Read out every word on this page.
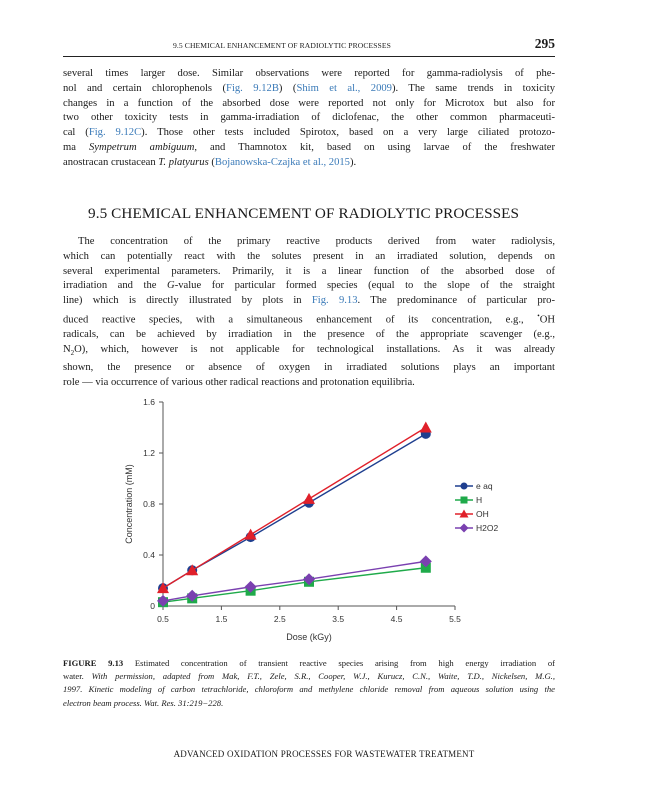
9.5 CHEMICAL ENHANCEMENT OF RADIOLYTIC PROCESSES	295

several times larger dose. Similar observations were reported for gamma-radiolysis of phe-
nol and certain chlorophenols (Fig. 9.12B) (Shim et al., 2009). The same trends in toxicity
changes in a function of the absorbed dose were reported not only for Microtox but also for
two other toxicity tests in gamma-irradiation of diclofenac, the other common pharmaceuti-
cal (Fig. 9.12C). Those other tests included Spirotox, based on a very large ciliated protozo-
ma Sympetrum ambiguum, and Thamnotox kit, based on using larvae of the freshwater
anostracan crustacean T. platyurus (Bojanowska-Czajka et al., 2015).

9.5 CHEMICAL ENHANCEMENT OF RADIOLYTIC PROCESSES

The concentration of the primary reactive products derived from water radiolysis,
which can potentially react with the solutes present in an irradiated solution, depends on
several experimental parameters. Primarily, it is a linear function of the absorbed dose of
irradiation and the G-value for particular formed species (equal to the slope of the straight
line) which is directly illustrated by plots in Fig. 9.13. The predominance of particular pro-
duced reactive species, with a simultaneous enhancement of its concentration, e.g., •OH
radicals, can be achieved by irradiation in the presence of the appropriate scavenger (e.g.,
$N_2O$), which, however is not applicable for technological installations. As it was already
shown, the presence or absence of oxygen in irradiated solutions plays an important
role — via occurrence of various other radical reactions and protonation equilibria.

0
0.4
0.8
1.2
1.6
0.5	1.5	2.5	3.5	4.5	5.5
Dose (kGy)
Concentration (mM)	e aq
H
OH
H2O2

FIGURE 9.13 Estimated concentration of transient reactive species arising from high energy irradiation of
water. With permission, adapted from Mak, F.T., Zele, S.R., Cooper, W.J., Kurucz, C.N., Waite, T.D., Nickelsen, M.G.,
1997. Kinetic modeling of carbon tetrachloride, chloroform and methylene chloride removal from aqueous solution using the
electron beam process. Wat. Res. 31:219−228.

ADVANCED OXIDATION PROCESSES FOR WASTEWATER TREATMENT
